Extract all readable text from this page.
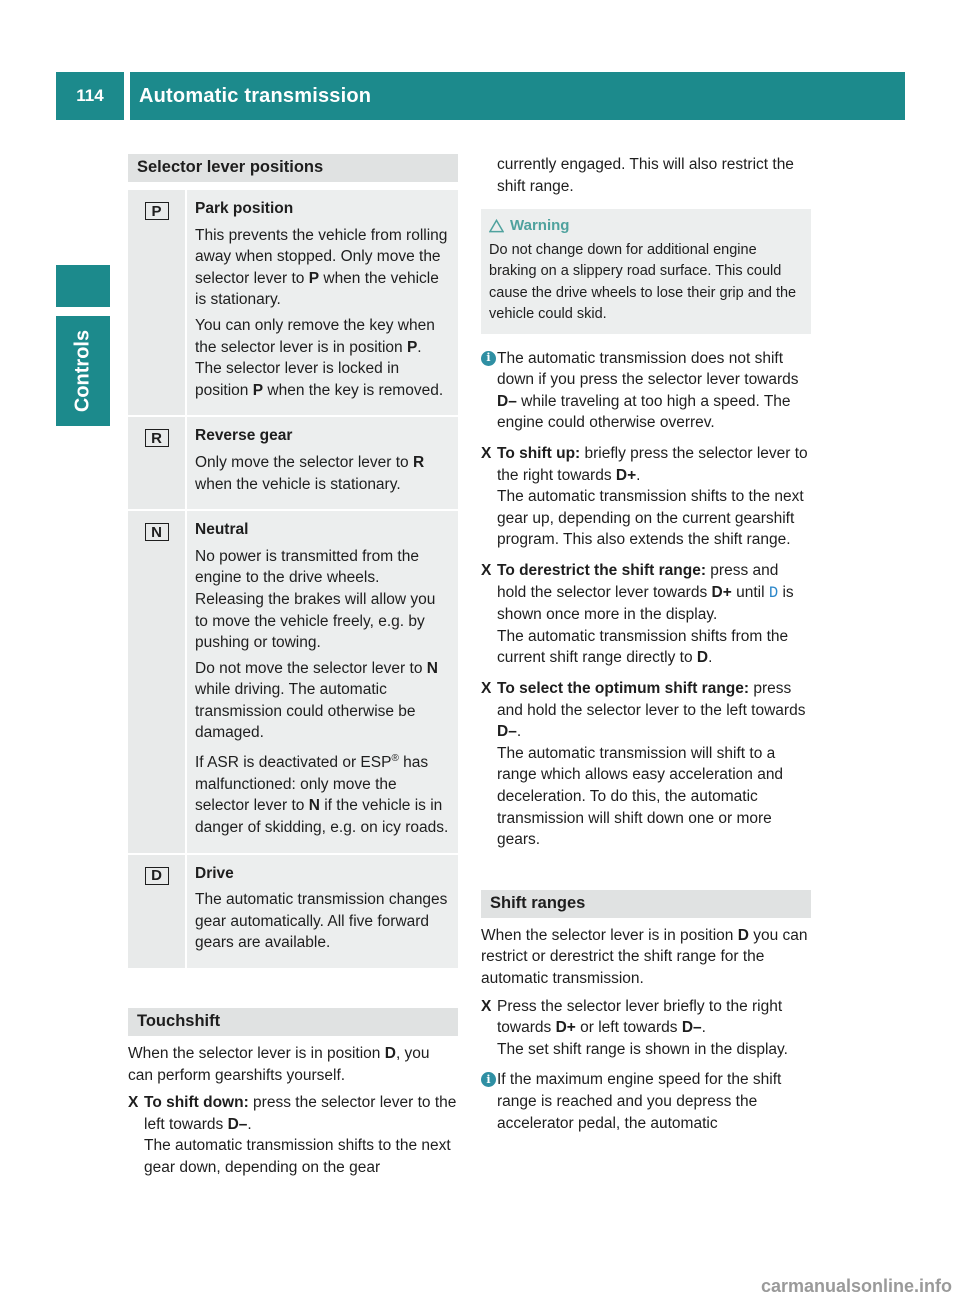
114	Automatic transmission
Controls
Selector lever positions
P	Park position

This prevents the vehicle from rolling away when stopped. Only move the selector lever to P when the vehicle is stationary.

You can only remove the key when the selector lever is in position P. The selector lever is locked in position P when the key is removed.

R	Reverse gear

Only move the selector lever to R when the vehicle is stationary.

N	Neutral

No power is transmitted from the engine to the drive wheels. Releasing the brakes will allow you to move the vehicle freely, e.g. by pushing or towing.

Do not move the selector lever to N while driving. The automatic transmission could otherwise be damaged.

If ASR is deactivated or ESP® has malfunctioned: only move the selector lever to N if the vehicle is in danger of skidding, e.g. on icy roads.

D	Drive

The automatic transmission changes gear automatically. All five forward gears are available.

Touchshift

When the selector lever is in position D, you can perform gearshifts yourself.

X To shift down: press the selector lever to the left towards D–.
The automatic transmission shifts to the next gear down, depending on the gear

currently engaged. This will also restrict the shift range.

Warning

Do not change down for additional engine braking on a slippery road surface. This could cause the drive wheels to lose their grip and the vehicle could skid.

i The automatic transmission does not shift down if you press the selector lever towards D– while traveling at too high a speed. The engine could otherwise overrev.
X To shift up: briefly press the selector lever to the right towards D+.
The automatic transmission shifts to the next gear up, depending on the current gearshift program. This also extends the shift range.
X To derestrict the shift range: press and hold the selector lever towards D+ until D is shown once more in the display.
The automatic transmission shifts from the current shift range directly to D.
X To select the optimum shift range: press and hold the selector lever to the left towards D–.
The automatic transmission will shift to a range which allows easy acceleration and deceleration. To do this, the automatic transmission will shift down one or more gears.
Shift ranges

When the selector lever is in position D you can restrict or derestrict the shift range for the automatic transmission.

X Press the selector lever briefly to the right towards D+ or left towards D–.
The set shift range is shown in the display.
i If the maximum engine speed for the shift range is reached and you depress the accelerator pedal, the automatic
carmanualsonline.info
